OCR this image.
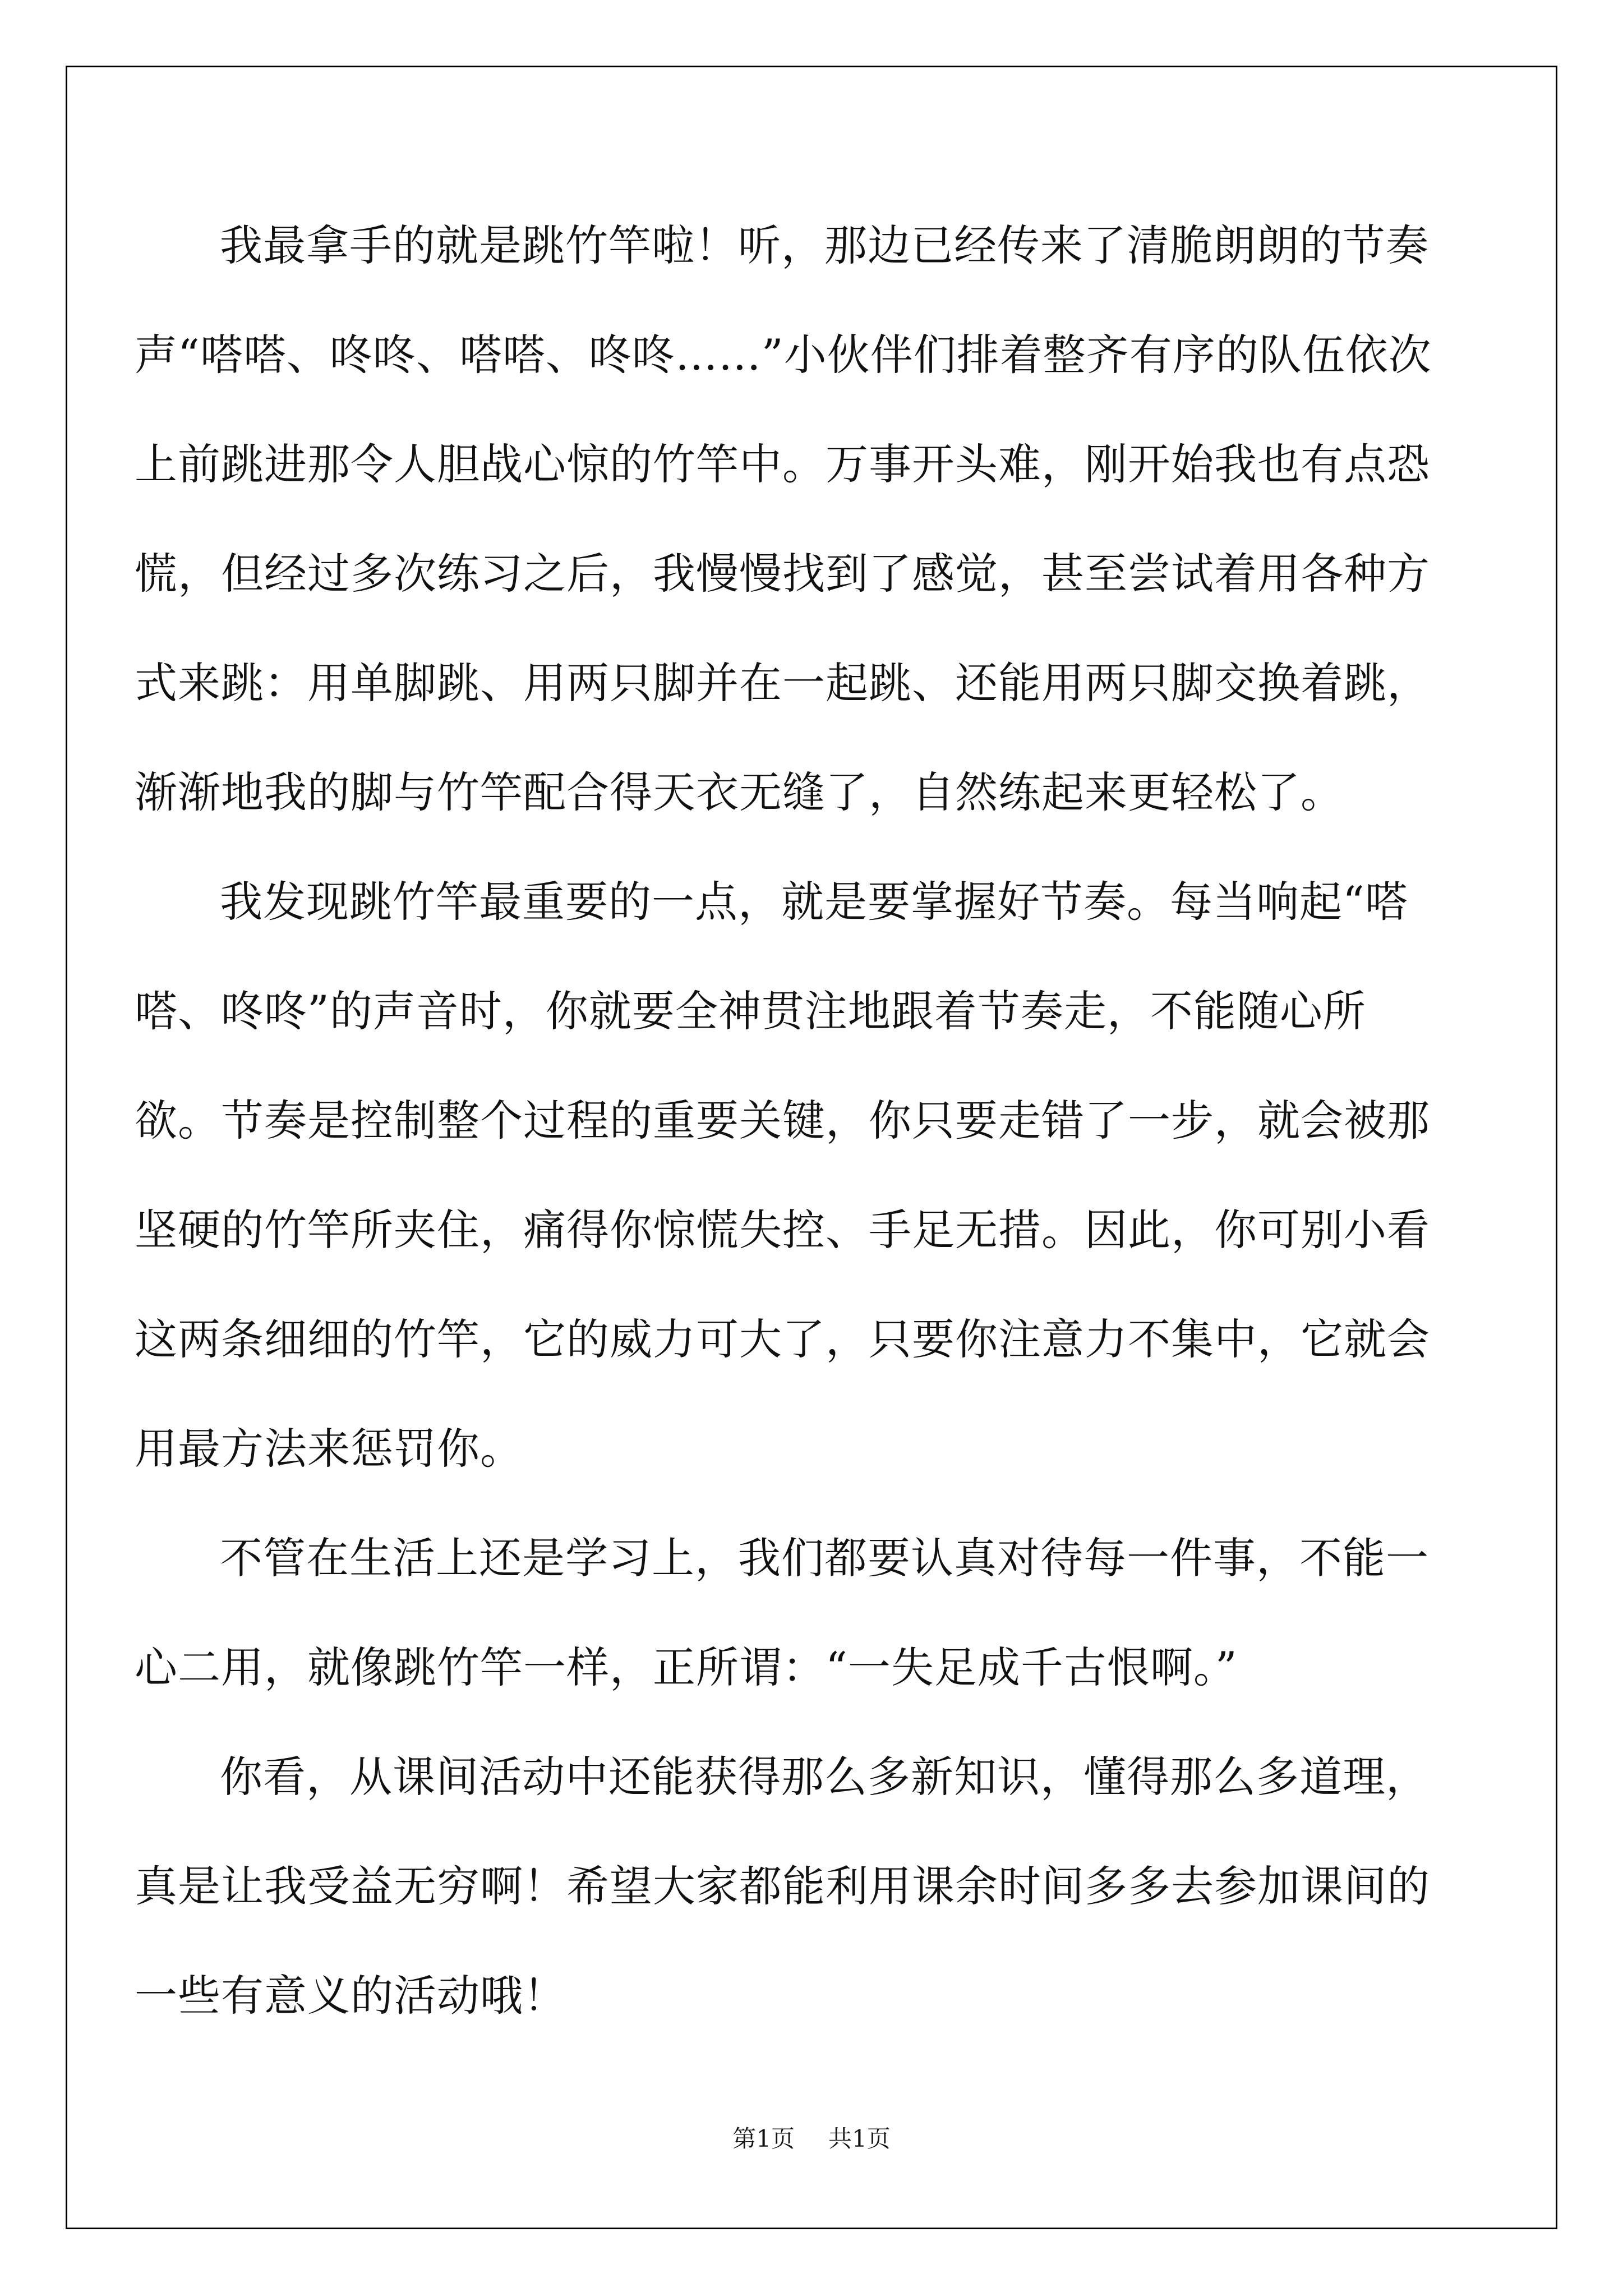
我最拿手的就是跳竹竿啦！听，那边已经传来了清脆朗朗的节奏声“嗒嗒、咚咚、嗒嗒、咚咚……”小伙伴们排着整齐有序的队伍依次上前跳进那令人胆战心惊的竹竿中。万事开头难，刚开始我也有点恐慌，但经过多次练习之后，我慢慢找到了感觉，甚至尝试着用各种方式来跳：用单脚跳、用两只脚并在一起跳、还能用两只脚交换着跳，渐渐地我的脚与竹竿配合得天衣无缝了，自然练起来更轻松了。

我发现跳竹竿最重要的一点，就是要掌握好节奏。每当响起“嗒嗒、咚咚”的声音时，你就要全神贯注地跟着节奏走，不能随心所欲。节奏是控制整个过程的重要关键，你只要走错了一步，就会被那坚硬的竹竿所夹住，痛得你惊慌失控、手足无措。因此，你可别小看这两条细细的竹竿，它的威力可大了，只要你注意力不集中，它就会用最方法来惩罚你。

不管在生活上还是学习上，我们都要认真对待每一件事，不能一心二用，就像跳竹竿一样，正所谓：“一失足成千古恨啊。”

你看，从课间活动中还能获得那么多新知识，懂得那么多道理，真是让我受益无穷啊！希望大家都能利用课余时间多多去参加课间的一些有意义的活动哦！

第1页 共1页
